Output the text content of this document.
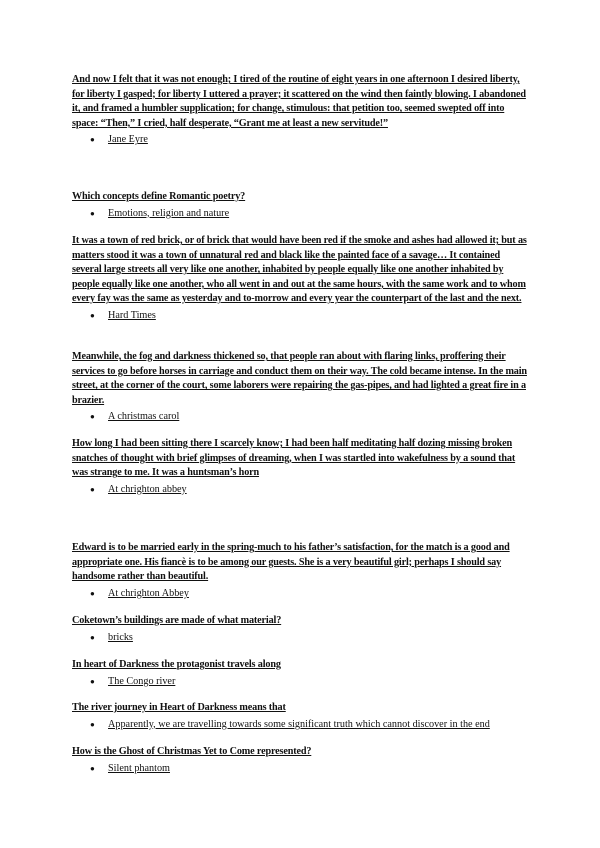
And now I felt that it was not enough; I tired of the routine of eight years in one afternoon I desired liberty, for liberty I gasped; for liberty I uttered a prayer; it scattered on the wind then faintly blowing. I abandoned it, and framed a humbler supplication; for change, stimulous: that petition too, seemed swepted off into space: “Then,” I cried, half desperate, “Grant me at least a new servitude!”

● Jane Eyre

Which concepts define Romantic poetry?

● Emotions, religion and nature

It was a town of red brick, or of brick that would have been red if the smoke and ashes had allowed it; but as matters stood it was a town of unnatural red and black like the painted face of a savage… It contained several large streets all very like one another, inhabited by people equally like one another inhabited by people equally like one another, who all went in and out at the same hours, with the same work and to whom every fay was the same as yesterday and to-morrow and every year the counterpart of the last and the next.

● Hard Times

Meanwhile, the fog and darkness thickened so, that people ran about with flaring links, proffering their services to go before horses in carriage and conduct them on their way. The cold became intense. In the main street, at the corner of the court, some laborers were repairing the gas-pipes, and had lighted a great fire in a brazier.

● A christmas carol

How long I had been sitting there I scarcely know; I had been half meditating half dozing missing broken snatches of thought with brief glimpses of dreaming, when I was startled into wakefulness by a sound that was strange to me. It was a huntsman’s horn

● At chrighton abbey

Edward is to be married early in the spring-much to his father’s satisfaction, for the match is a good and appropriate one. His fiancè is to be among our guests. She is a very beautiful girl; perhaps I should say handsome rather than beautiful.

● At chrighton Abbey

Coketown’s buildings are made of what material?

● bricks

In heart of Darkness the protagonist travels along

● The Congo river

The river journey in Heart of Darkness means that

● Apparently, we are travelling towards some significant truth which cannot discover in the end

How is the Ghost of Christmas Yet to Come represented?

● Silent phantom
